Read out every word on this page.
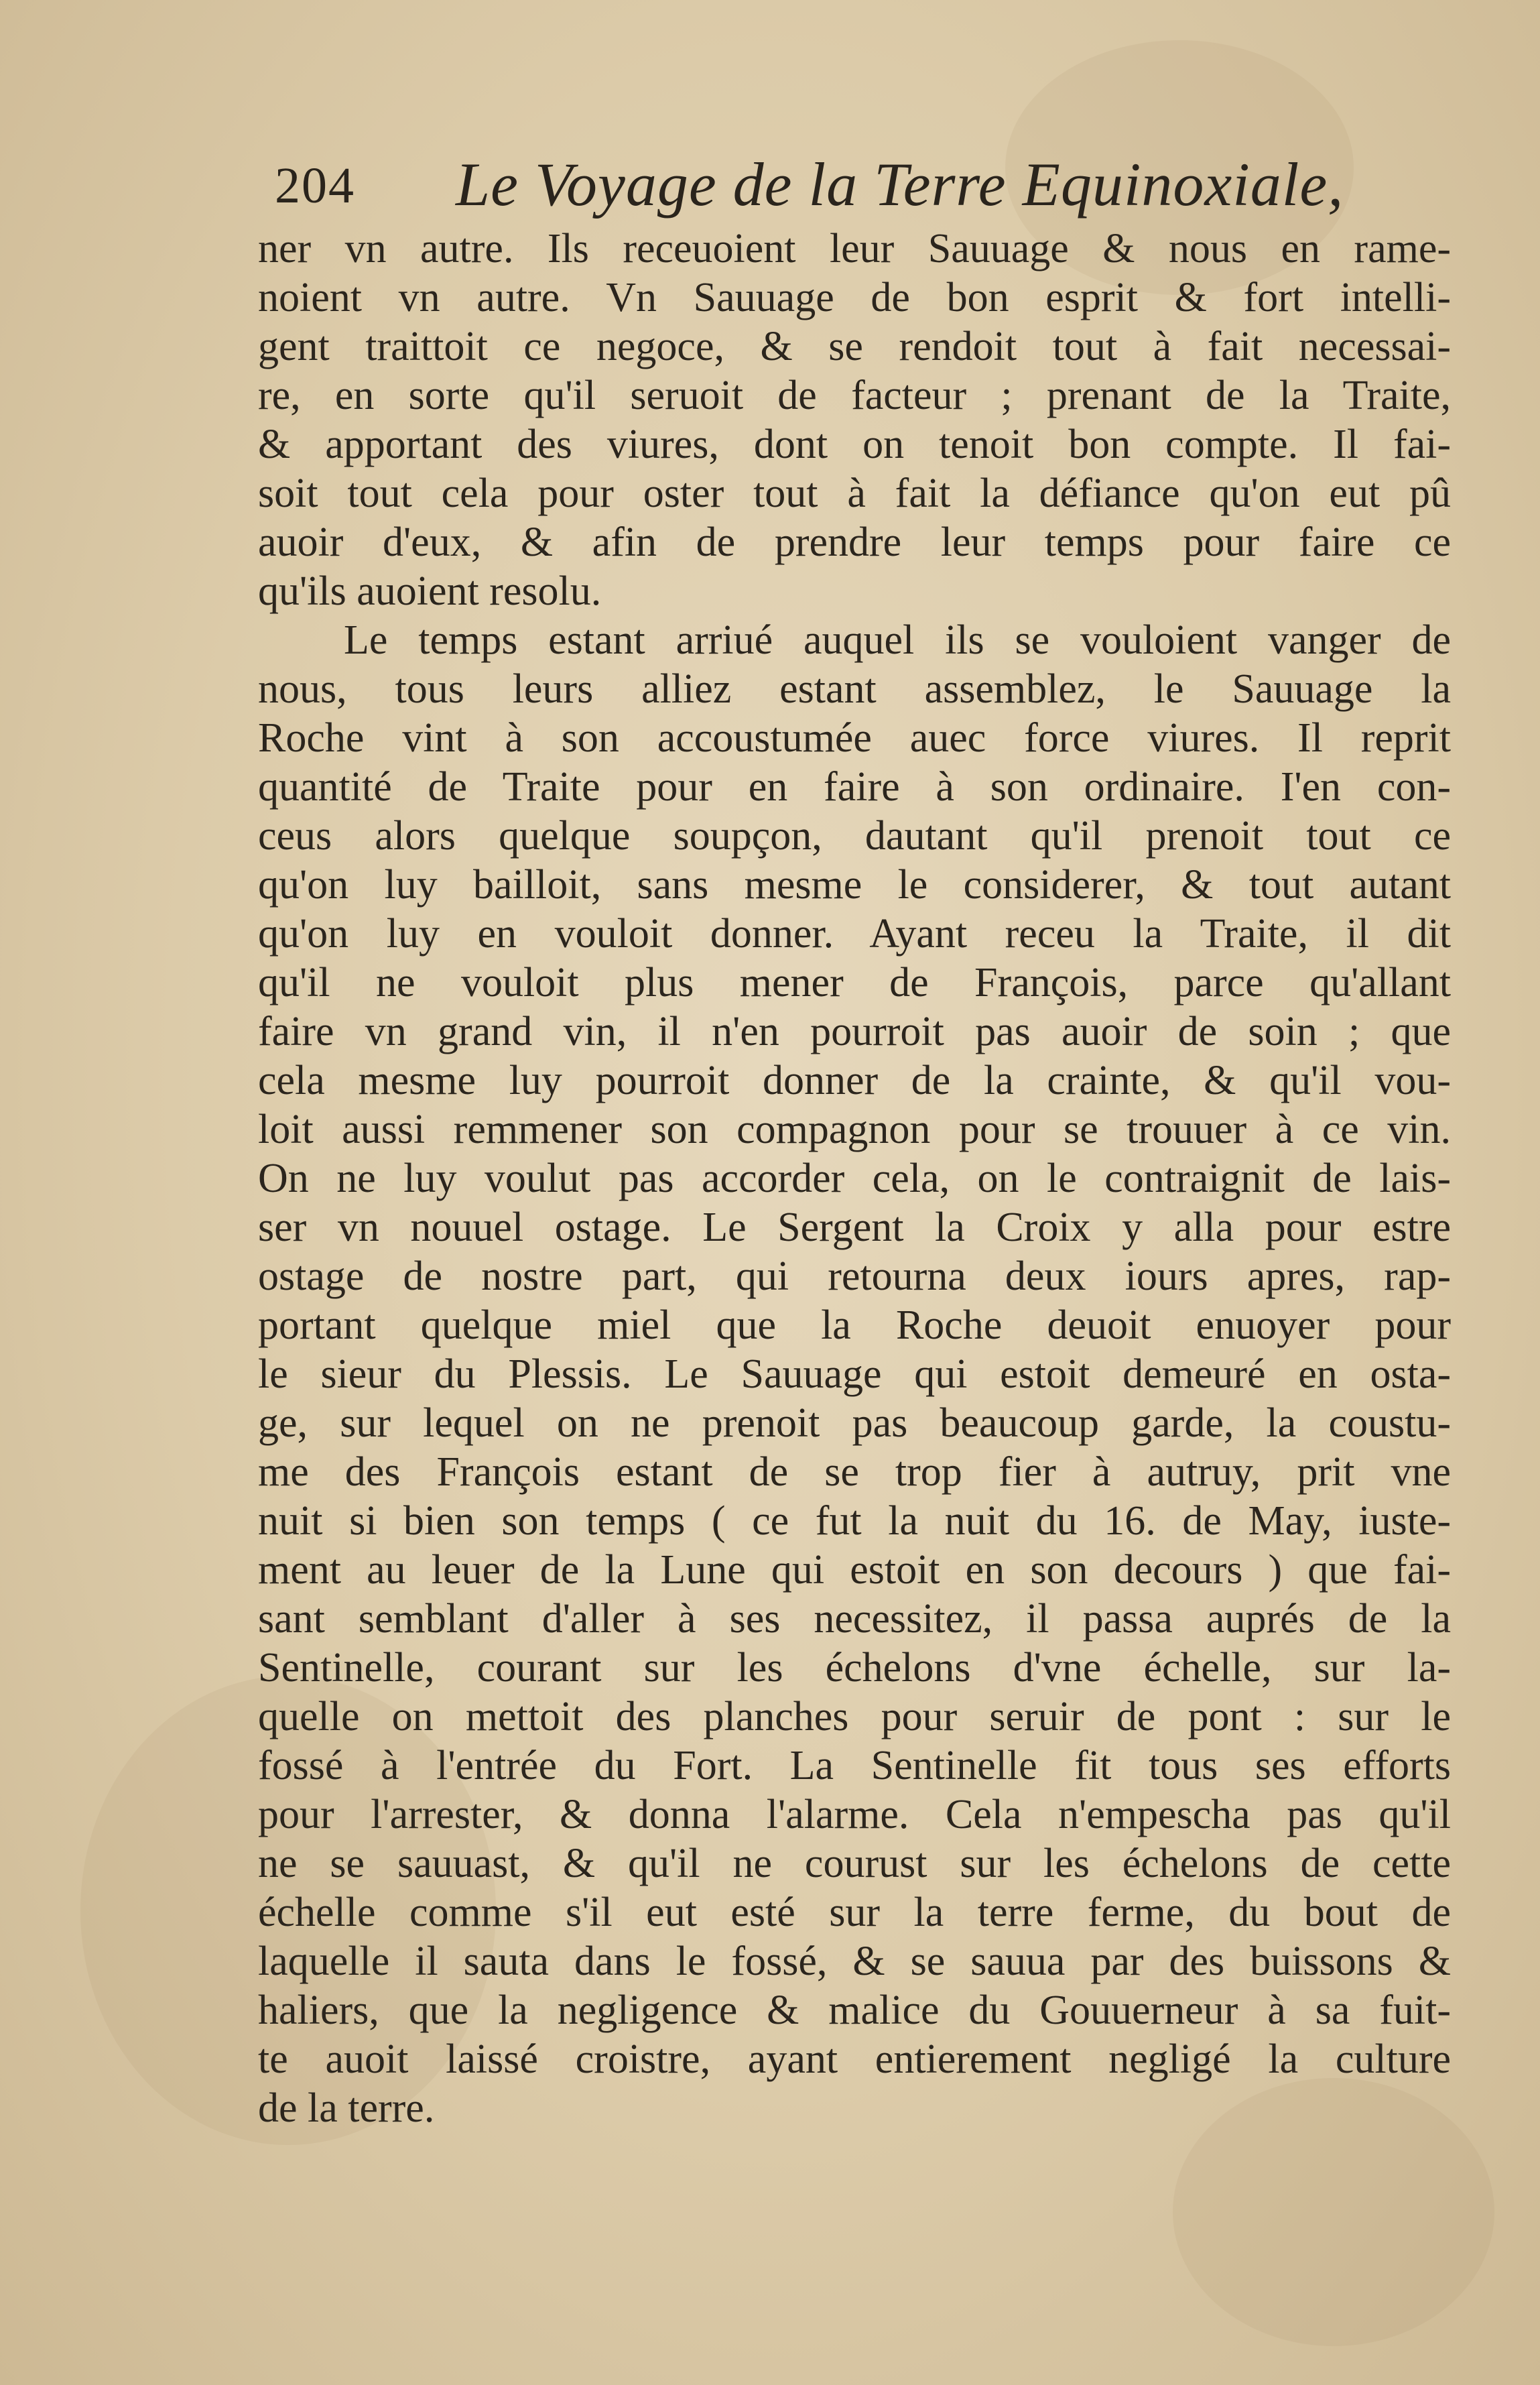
204 Le Voyage de la Terre Equinoxiale,
ner vn autre. Ils receuoient leur Sauuage & nous en rame-
noient vn autre. Vn Sauuage de bon esprit & fort intelli-
gent traittoit ce negoce, & se rendoit tout à fait necessai-
re, en sorte qu'il seruoit de facteur ; prenant de la Traite,
& apportant des viures, dont on tenoit bon compte. Il fai-
soit tout cela pour oster tout à fait la défiance qu'on eut pû
auoir d'eux, & afin de prendre leur temps pour faire ce
qu'ils auoient resolu.
Le temps estant arriué auquel ils se vouloient vanger de
nous, tous leurs alliez estant assemblez, le Sauuage la
Roche vint à son accoustumée auec force viures. Il reprit
quantité de Traite pour en faire à son ordinaire. I'en con-
ceus alors quelque soupçon, dautant qu'il prenoit tout ce
qu'on luy bailloit, sans mesme le considerer, & tout autant
qu'on luy en vouloit donner. Ayant receu la Traite, il dit
qu'il ne vouloit plus mener de François, parce qu'allant
faire vn grand vin, il n'en pourroit pas auoir de soin ; que
cela mesme luy pourroit donner de la crainte, & qu'il vou-
loit aussi remmener son compagnon pour se trouuer à ce vin.
On ne luy voulut pas accorder cela, on le contraignit de lais-
ser vn nouuel ostage. Le Sergent la Croix y alla pour estre
ostage de nostre part, qui retourna deux iours apres, rap-
portant quelque miel que la Roche deuoit enuoyer pour
le sieur du Plessis. Le Sauuage qui estoit demeuré en osta-
ge, sur lequel on ne prenoit pas beaucoup garde, la coustu-
me des François estant de se trop fier à autruy, prit vne
nuit si bien son temps ( ce fut la nuit du 16. de May, iuste-
ment au leuer de la Lune qui estoit en son decours ) que fai-
sant semblant d'aller à ses necessitez, il passa auprés de la
Sentinelle, courant sur les échelons d'vne échelle, sur la-
quelle on mettoit des planches pour seruir de pont : sur le
fossé à l'entrée du Fort. La Sentinelle fit tous ses efforts
pour l'arrester, & donna l'alarme. Cela n'empescha pas qu'il
ne se sauuast, & qu'il ne courust sur les échelons de cette
échelle comme s'il eut esté sur la terre ferme, du bout de
laquelle il sauta dans le fossé, & se sauua par des buissons &
haliers, que la negligence & malice du Gouuerneur à sa fuit-
te auoit laissé croistre, ayant entierement negligé la culture
de la terre.
